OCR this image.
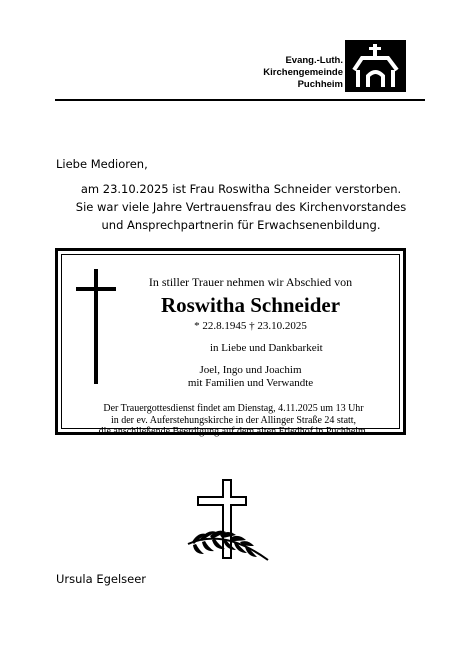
Evang.-Luth.
Kirchengemeinde
Puchheim
Liebe Medioren,
am 23.10.2025 ist Frau Roswitha Schneider verstorben.
Sie war viele Jahre Vertrauensfrau des Kirchenvorstandes
und Ansprechpartnerin für Erwachsenenbildung.
In stiller Trauer nehmen wir Abschied von
Roswitha Schneider
* 22.8.1945 † 23.10.2025
in Liebe und Dankbarkeit
Joel, Ingo und Joachim
mit Familien und Verwandte
Der Trauergottesdienst findet am Dienstag, 4.11.2025 um 13 Uhr
in der ev. Auferstehungskirche in der Allinger Straße 24 statt,
die anschließende Beerdigung auf dem alten Friedhof in Puchheim.
Ursula Egelseer
